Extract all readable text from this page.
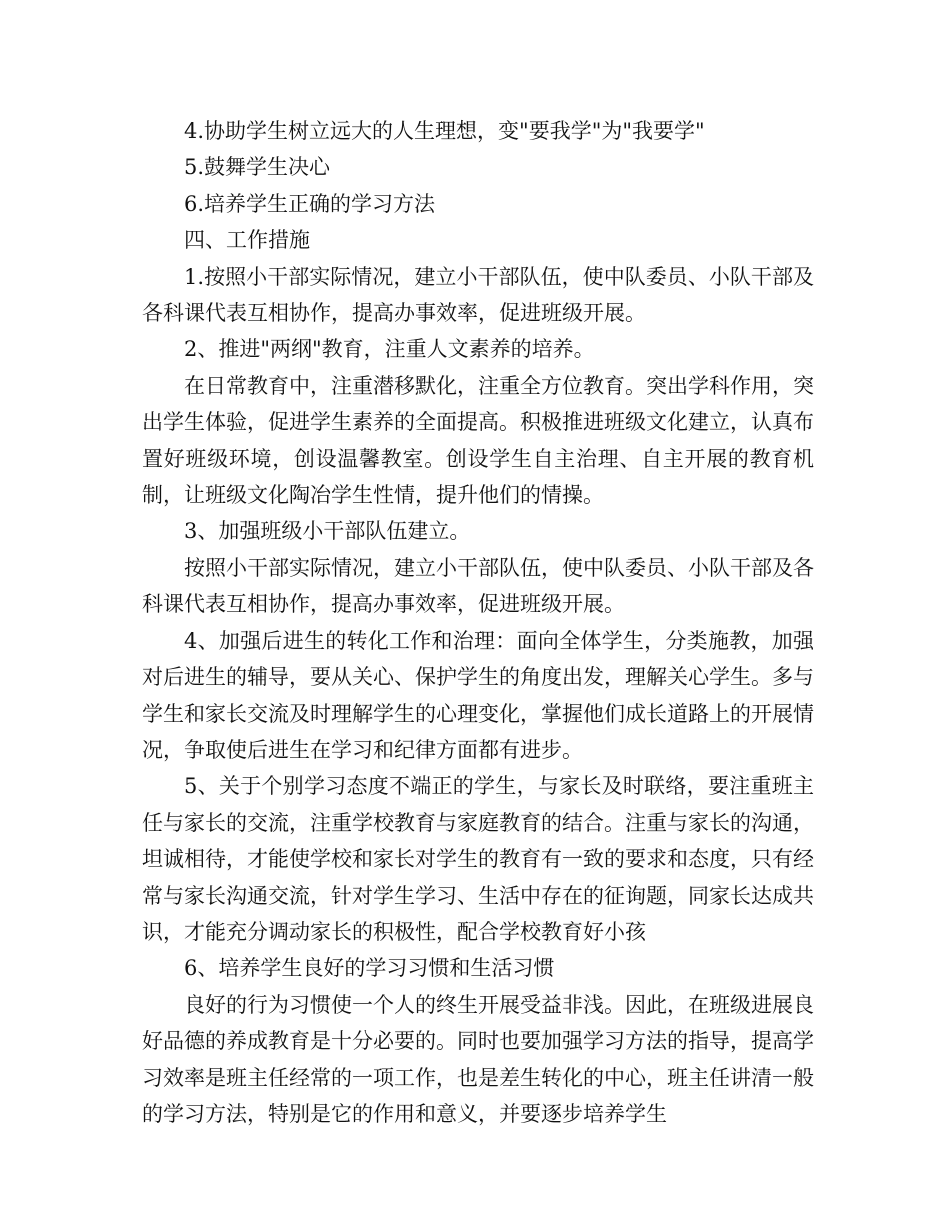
4.协助学生树立远大的人生理想，变"要我学"为"我要学"

5.鼓舞学生决心

6.培养学生正确的学习方法

四、工作措施

1.按照小干部实际情况，建立小干部队伍，使中队委员、小队干部及各科课代表互相协作，提高办事效率，促进班级开展。

2、推进"两纲"教育，注重人文素养的培养。

在日常教育中，注重潜移默化，注重全方位教育。突出学科作用，突出学生体验，促进学生素养的全面提高。积极推进班级文化建立，认真布置好班级环境，创设温馨教室。创设学生自主治理、自主开展的教育机制，让班级文化陶冶学生性情，提升他们的情操。

3、加强班级小干部队伍建立。

按照小干部实际情况，建立小干部队伍，使中队委员、小队干部及各科课代表互相协作，提高办事效率，促进班级开展。

4、加强后进生的转化工作和治理：面向全体学生，分类施教，加强对后进生的辅导，要从关心、保护学生的角度出发，理解关心学生。多与学生和家长交流及时理解学生的心理变化，掌握他们成长道路上的开展情况，争取使后进生在学习和纪律方面都有进步。

5、关于个别学习态度不端正的学生，与家长及时联络，要注重班主任与家长的交流，注重学校教育与家庭教育的结合。注重与家长的沟通，坦诚相待，才能使学校和家长对学生的教育有一致的要求和态度，只有经常与家长沟通交流，针对学生学习、生活中存在的征询题，同家长达成共识，才能充分调动家长的积极性，配合学校教育好小孩

6、培养学生良好的学习习惯和生活习惯

良好的行为习惯使一个人的终生开展受益非浅。因此，在班级进展良好品德的养成教育是十分必要的。同时也要加强学习方法的指导，提高学习效率是班主任经常的一项工作，也是差生转化的中心，班主任讲清一般的学习方法，特别是它的作用和意义，并要逐步培养学生
